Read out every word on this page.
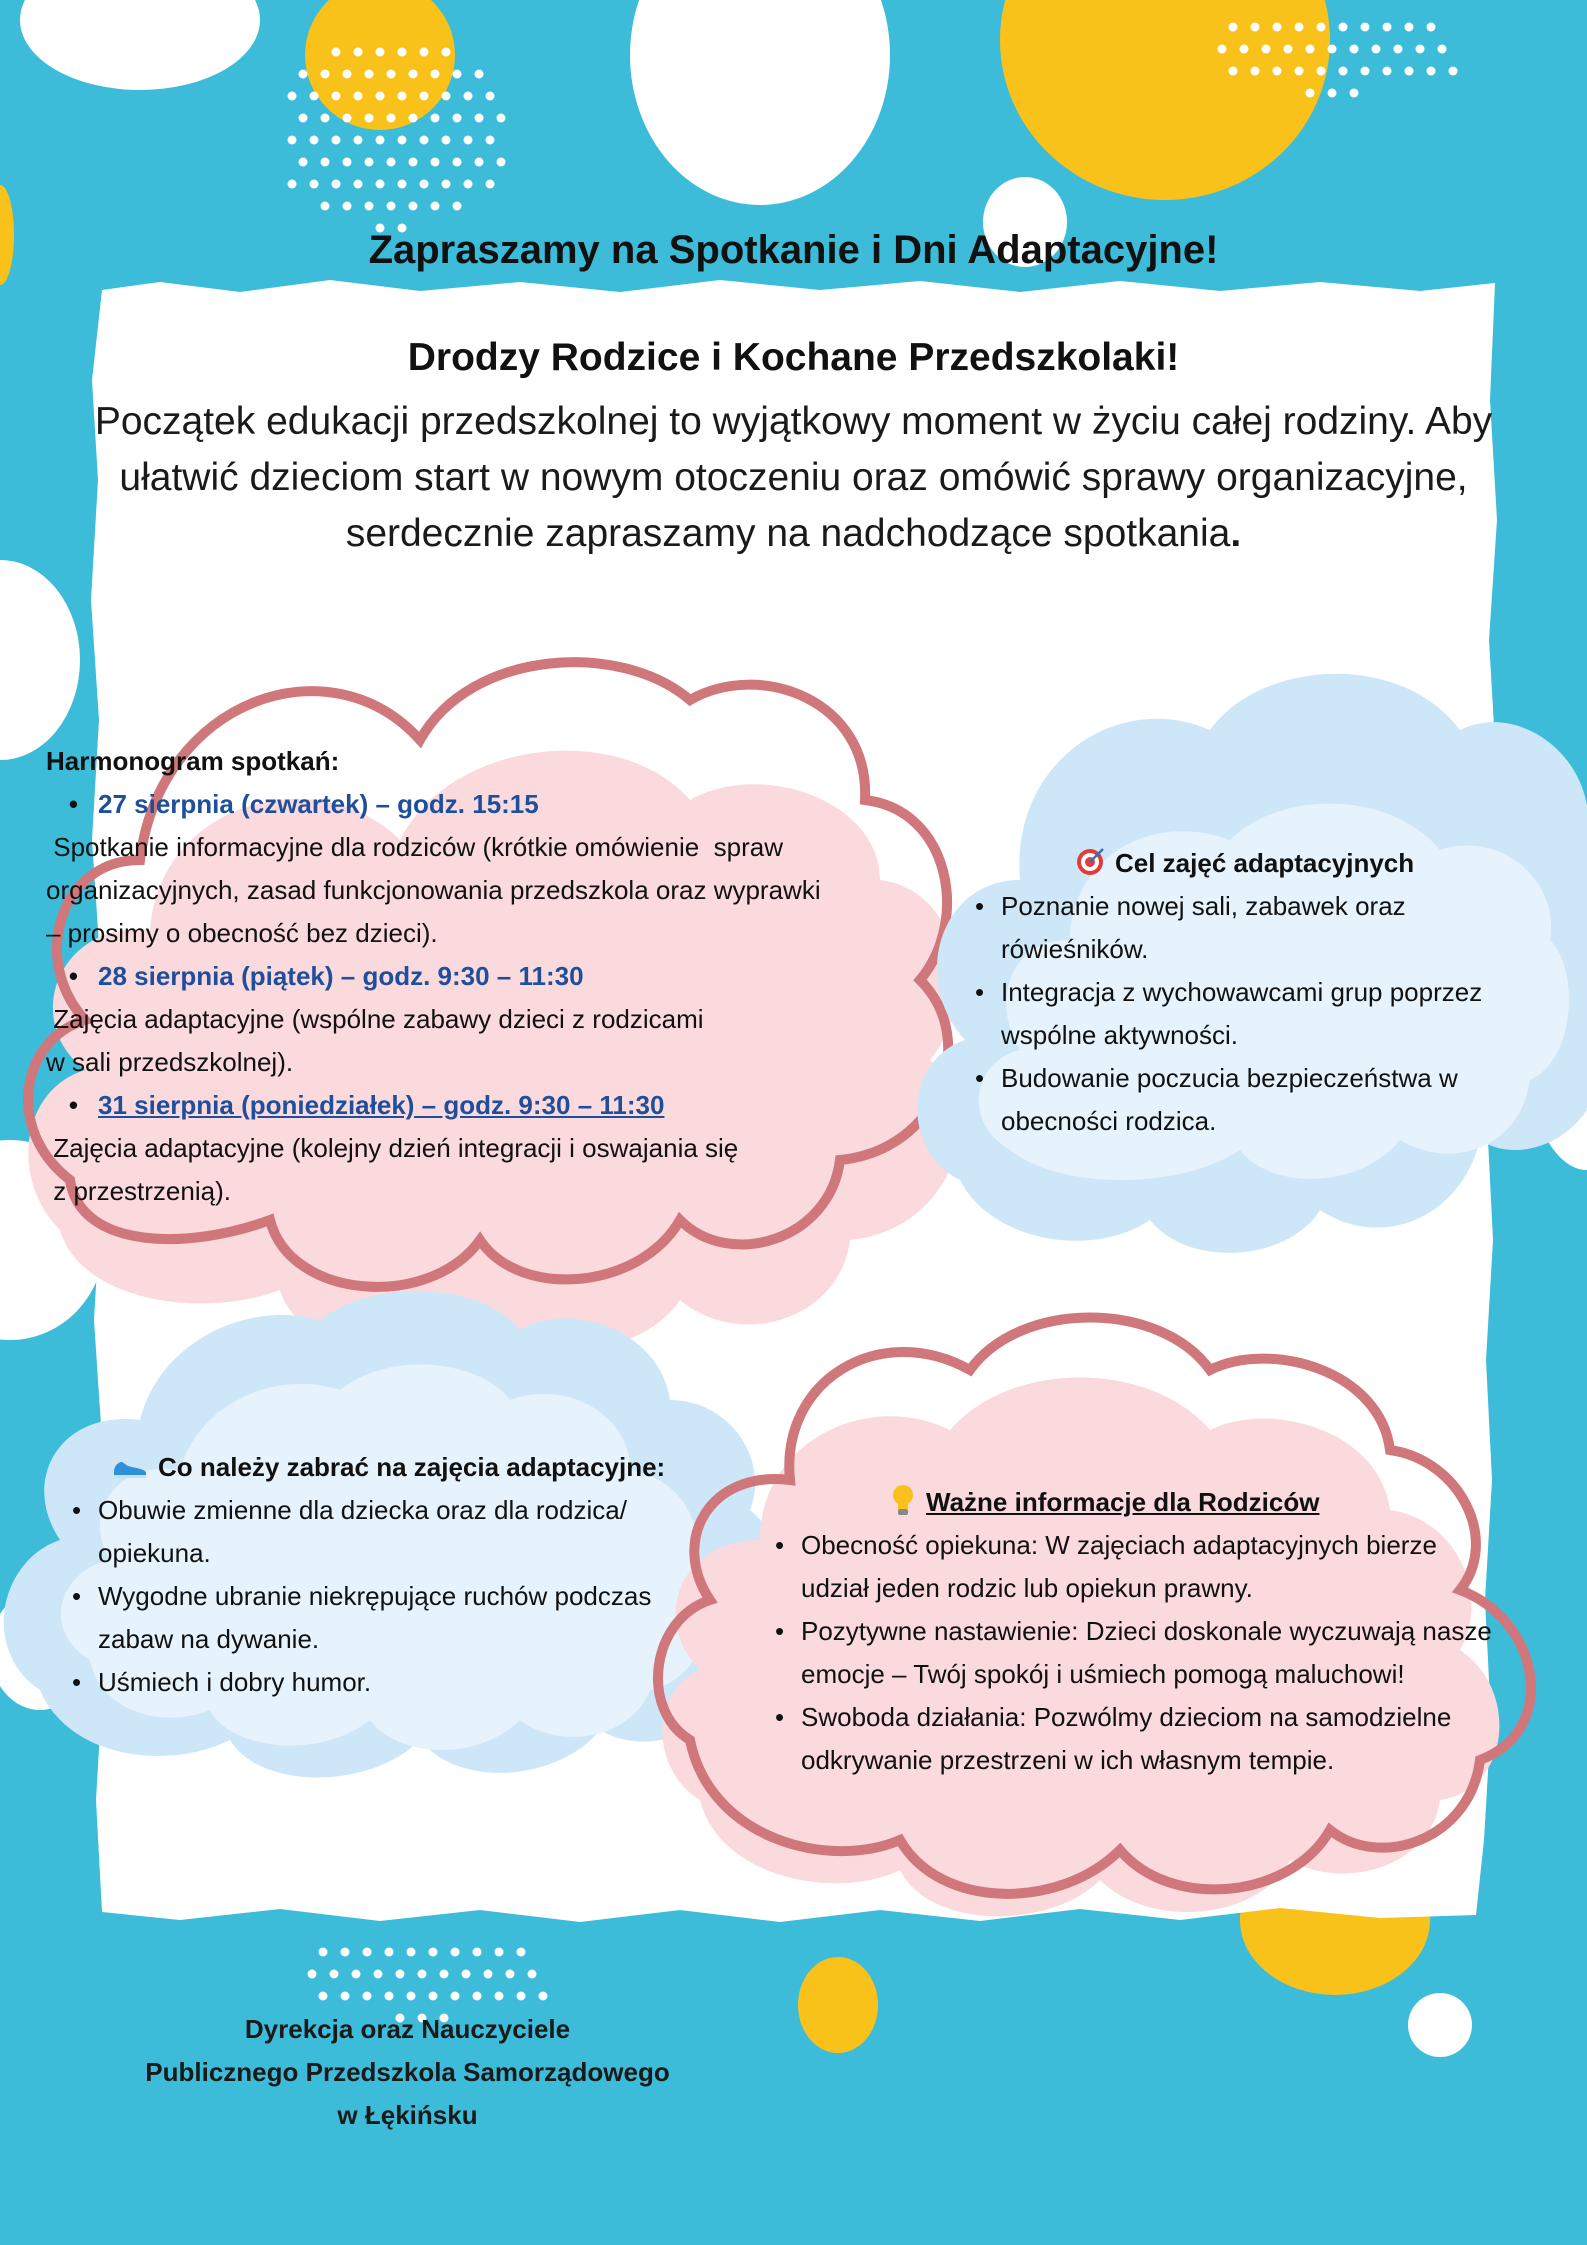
Zapraszamy na Spotkanie i Dni Adaptacyjne!
Drodzy Rodzice i Kochane Przedszkolaki!
Początek edukacji przedszkolnej to wyjątkowy moment w życiu całej rodziny. Aby ułatwić dzieciom start w nowym otoczeniu oraz omówić sprawy organizacyjne, serdecznie zapraszamy na nadchodzące spotkania.
Harmonogram spotkań:
• 27 sierpnia (czwartek) – godz. 15:15
Spotkanie informacyjne dla rodziców (krótkie omówienie  spraw
organizacyjnych, zasad funkcjonowania przedszkola oraz wyprawki
– prosimy o obecność bez dzieci).
• 28 sierpnia (piątek) – godz. 9:30 – 11:30
Zajęcia adaptacyjne (wspólne zabawy dzieci z rodzicami
w sali przedszkolnej).
• 31 sierpnia (poniedziałek) – godz. 9:30 – 11:30
Zajęcia adaptacyjne (kolejny dzień integracji i oswajania się
z przestrzenią).
Cel zajęć adaptacyjnych
• Poznanie nowej sali, zabawek oraz rówieśników.
• Integracja z wychowawcami grup poprzez wspólne aktywności.
• Budowanie poczucia bezpieczeństwa w obecności rodzica.
Co należy zabrać na zajęcia adaptacyjne:
• Obuwie zmienne dla dziecka oraz dla rodzica/ opiekuna.
• Wygodne ubranie niekrępujące ruchów podczas zabaw na dywanie.
• Uśmiech i dobry humor.
Ważne informacje dla Rodziców
• Obecność opiekuna: W zajęciach adaptacyjnych bierze udział jeden rodzic lub opiekun prawny.
• Pozytywne nastawienie: Dzieci doskonale wyczuwają nasze emocje – Twój spokój i uśmiech pomogą maluchowi!
• Swoboda działania: Pozwólmy dzieciom na samodzielne odkrywanie przestrzeni w ich własnym tempie.
Dyrekcja oraz Nauczyciele
Publicznego Przedszkola Samorządowego
w Łękińsku
